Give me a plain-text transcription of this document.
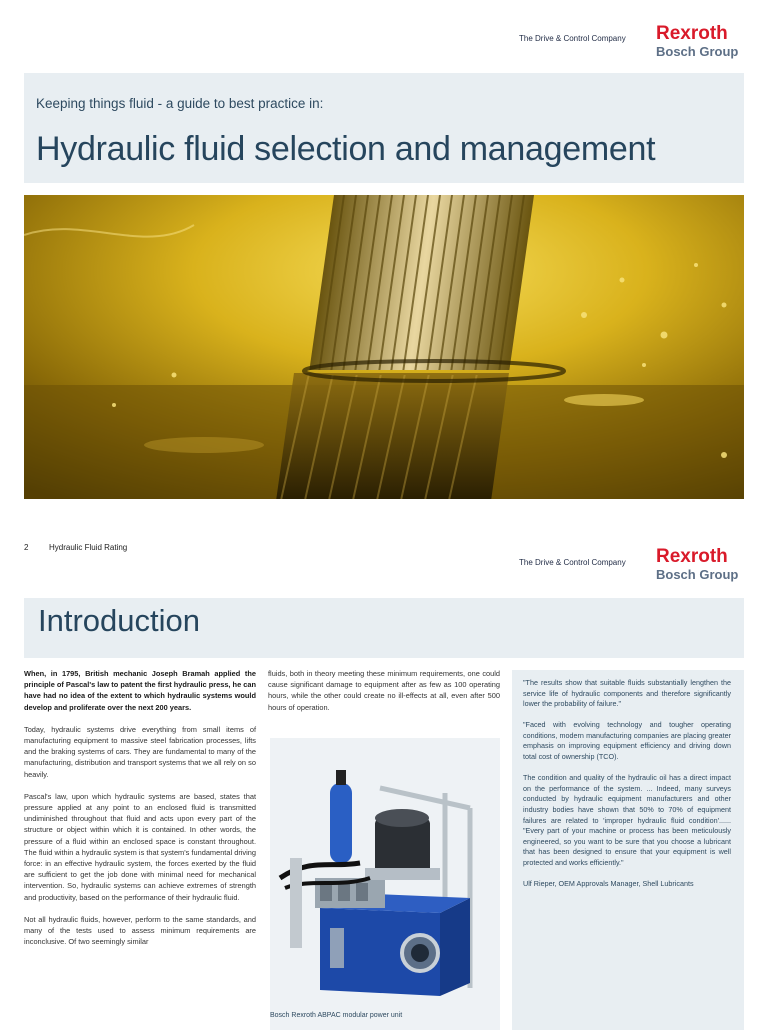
The Drive & Control Company Rexroth
Bosch Group
Keeping things fluid - a guide to best practice in:
Hydraulic fluid selection and management
2	Hydraulic Fluid Rating
The Drive & Control Company Rexroth
Bosch Group
Introduction

When, in 1795, British mechanic Joseph Bramah applied the principle of Pascal's law to patent the first hydraulic press, he can have had no idea of the extent to which hydraulic systems would develop and proliferate over the next 200 years.

Today, hydraulic systems drive everything from small items of manufacturing equipment to massive steel fabrication processes, lifts and the braking systems of cars. They are fundamental to many of the manufacturing, distribution and transport systems that we all rely on so heavily.

Pascal's law, upon which hydraulic systems are based, states that pressure applied at any point to an enclosed fluid is transmitted undiminished throughout that fluid and acts upon every part of the structure or object within which it is contained. In other words, the pressure of a fluid within an enclosed space is constant throughout. The fluid within a hydraulic system is that system's fundamental driving force: in an effective hydraulic system, the forces exerted by the fluid are sufficient to get the job done with minimal need for mechanical intervention. So, hydraulic systems can achieve extremes of strength and productivity, based on the performance of their hydraulic fluid.

Not all hydraulic fluids, however, perform to the same standards, and many of the tests used to assess minimum requirements are inconclusive. Of two seemingly similar

fluids, both in theory meeting these minimum requirements, one could cause significant damage to equipment after as few as 100 operating hours, while the other could create no ill-effects at all, even after 500 hours of operation.

Bosch Rexroth ABPAC modular power unit

"The results show that suitable fluids substantially lengthen the service life of hydraulic components and therefore significantly lower the probability of failure."

"Faced with evolving technology and tougher operating conditions, modern manufacturing companies are placing greater emphasis on improving equipment efficiency and driving down total cost of ownership (TCO).

The condition and quality of the hydraulic oil has a direct impact on the performance of the system. ... Indeed, many surveys conducted by hydraulic equipment manufacturers and other industry bodies have shown that 50% to 70% of equipment failures are related to 'improper hydraulic fluid condition'...... "Every part of your machine or process has been meticulously engineered, so you want to be sure that you choose a lubricant that has been designed to ensure that your equipment is well protected and works efficiently."

Ulf Rieper, OEM Approvals Manager, Shell Lubricants
